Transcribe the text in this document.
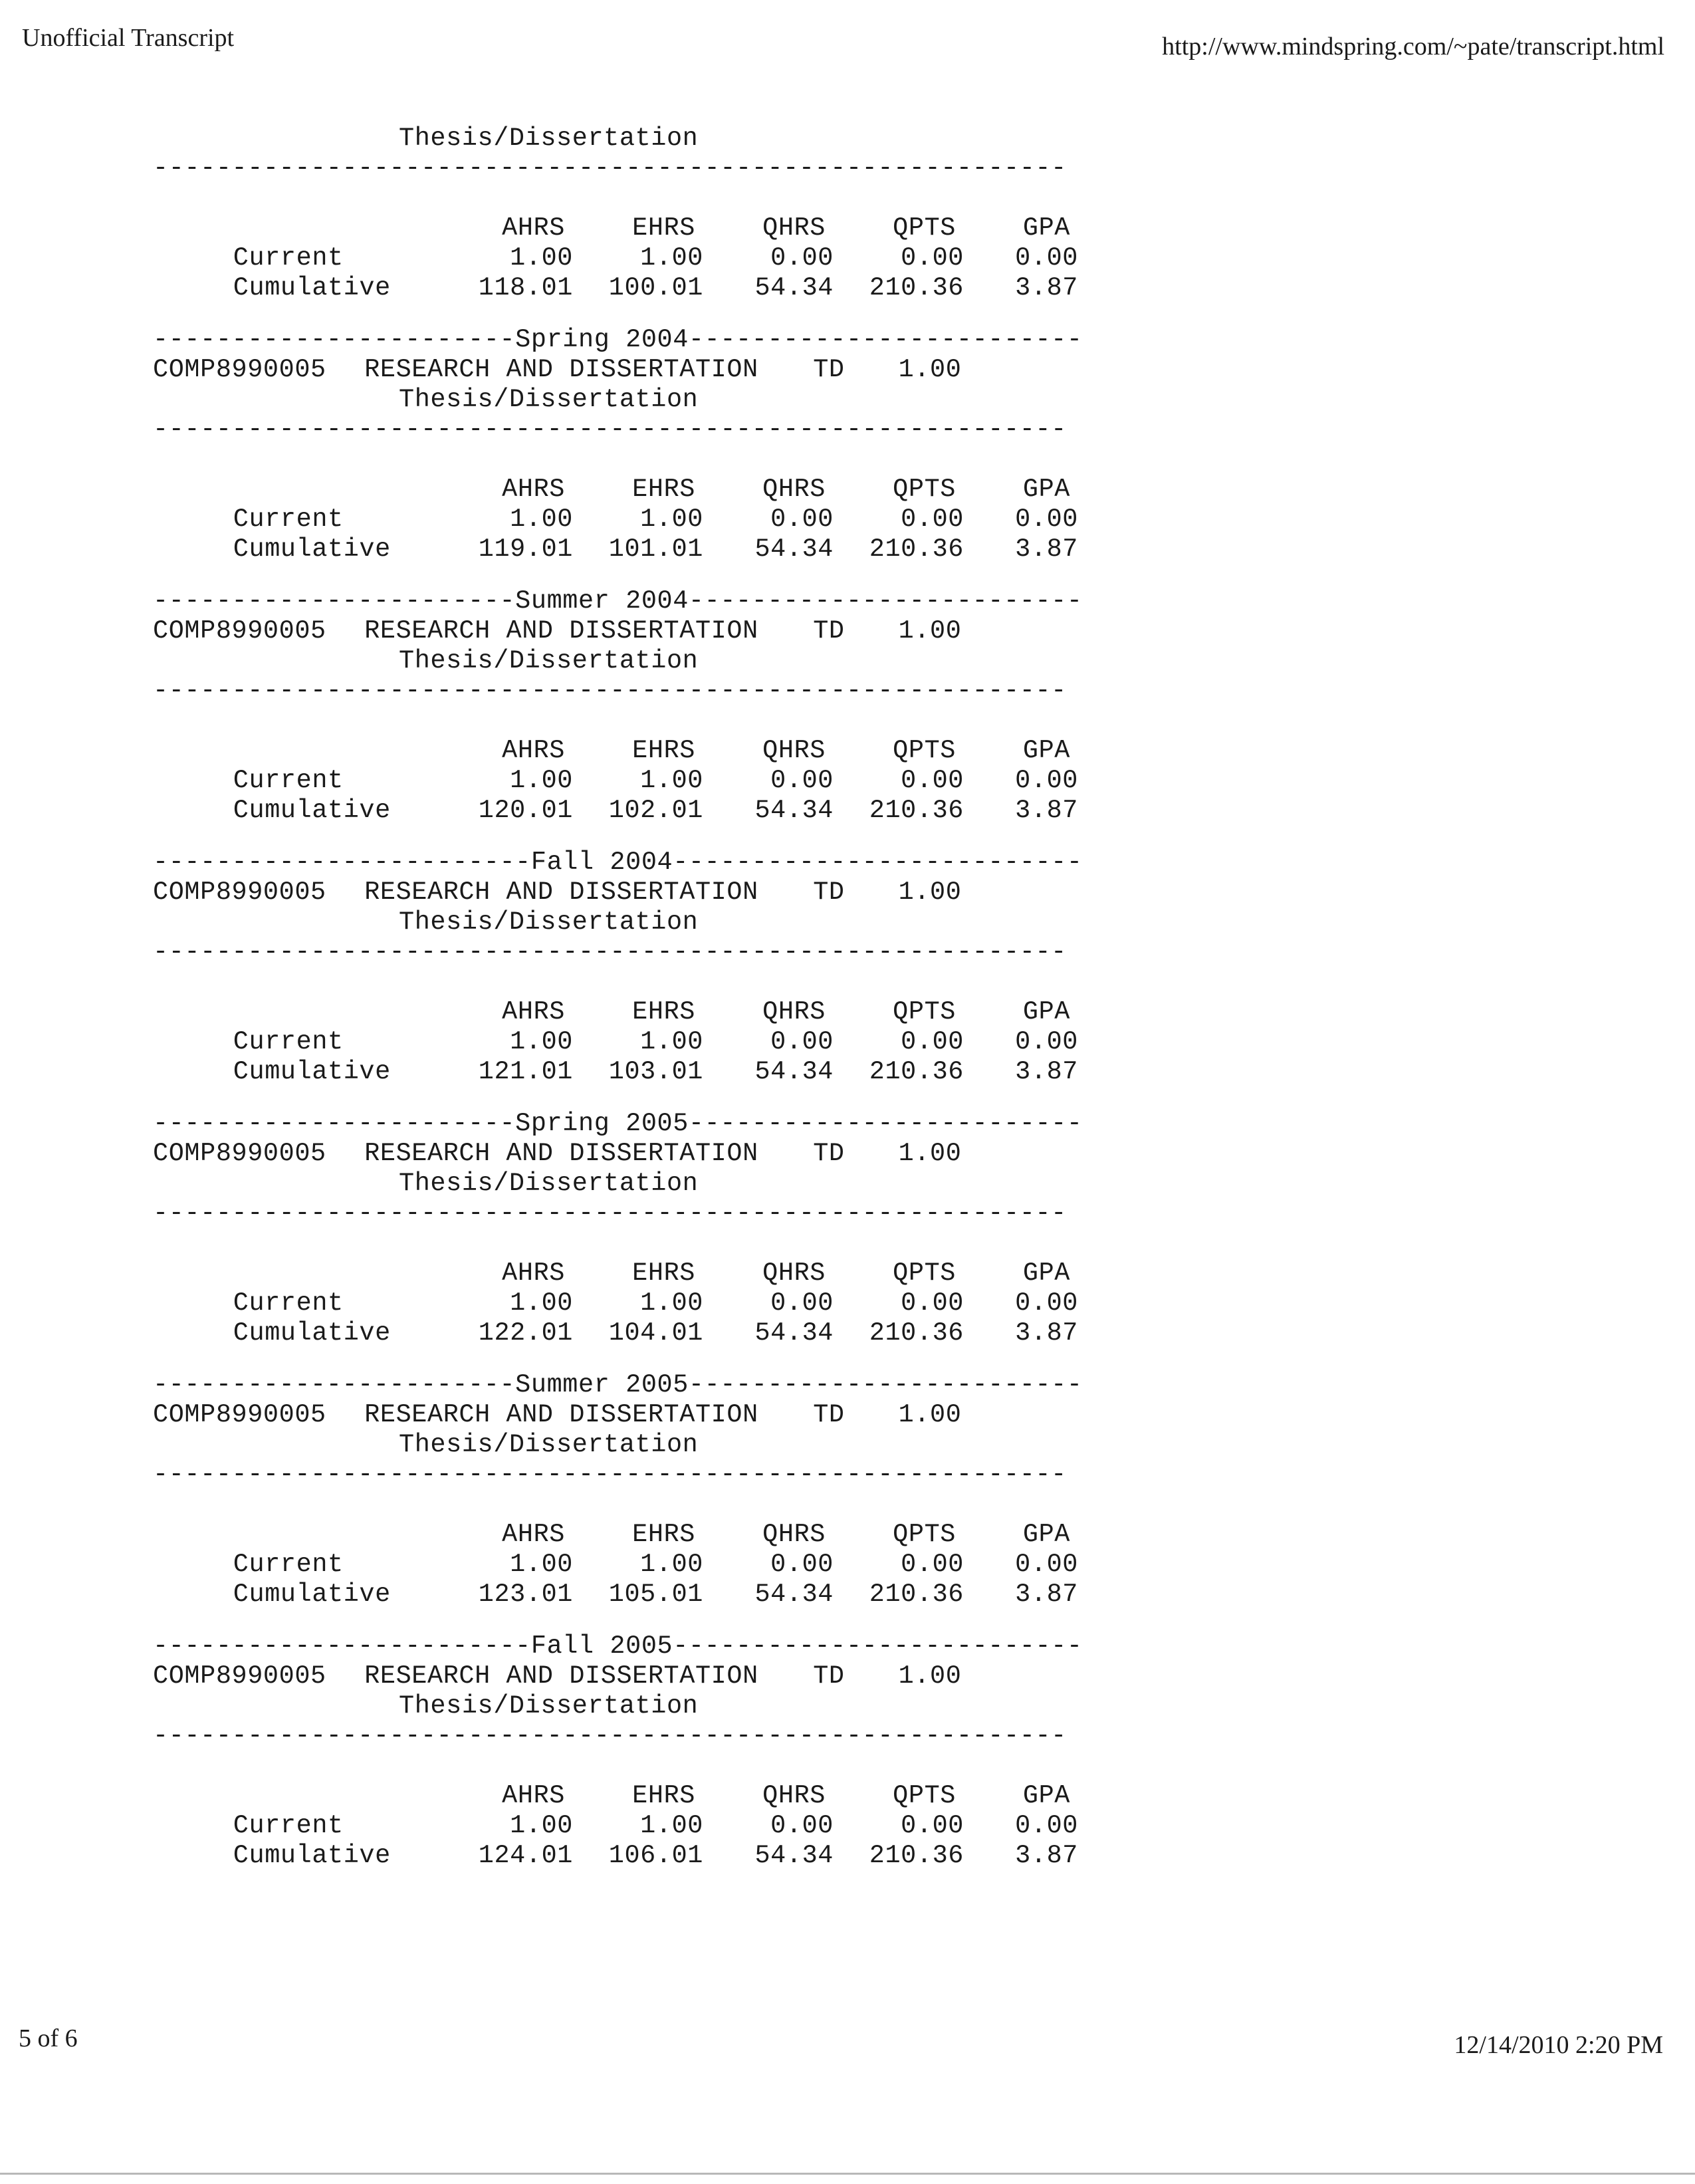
Unofficial Transcript	http://www.mindspring.com/~pate/transcript.html
Thesis/Dissertation
----------------------------------------------------------
AHRS	EHRS	QHRS	QPTS	GPA
Current	1.00	1.00	0.00	0.00 0.00
Cumulative	118.01 100.01 54.34 210.36 3.87
-----------------------Spring 2004-------------------------
COMP8990005 RESEARCH AND DISSERTATION TD 1.00
Thesis/Dissertation
----------------------------------------------------------
AHRS	EHRS	QHRS	QPTS	GPA
Current	1.00	1.00	0.00	0.00 0.00
Cumulative	119.01 101.01 54.34 210.36 3.87
-----------------------Summer 2004-------------------------
COMP8990005 RESEARCH AND DISSERTATION TD 1.00
Thesis/Dissertation
----------------------------------------------------------
AHRS	EHRS	QHRS	QPTS	GPA
Current	1.00	1.00	0.00	0.00 0.00
Cumulative	120.01 102.01 54.34 210.36 3.87
------------------------Fall 2004--------------------------
COMP8990005 RESEARCH AND DISSERTATION TD 1.00
Thesis/Dissertation
----------------------------------------------------------
AHRS	EHRS	QHRS	QPTS	GPA
Current	1.00	1.00	0.00	0.00 0.00
Cumulative	121.01 103.01 54.34 210.36 3.87
-----------------------Spring 2005-------------------------
COMP8990005 RESEARCH AND DISSERTATION TD 1.00
Thesis/Dissertation
----------------------------------------------------------
AHRS	EHRS	QHRS	QPTS	GPA
Current	1.00	1.00	0.00	0.00 0.00
Cumulative	122.01 104.01 54.34 210.36 3.87
-----------------------Summer 2005-------------------------
COMP8990005 RESEARCH AND DISSERTATION TD 1.00
Thesis/Dissertation
----------------------------------------------------------
AHRS	EHRS	QHRS	QPTS	GPA
Current	1.00	1.00	0.00	0.00 0.00
Cumulative	123.01 105.01 54.34 210.36 3.87
------------------------Fall 2005--------------------------
COMP8990005 RESEARCH AND DISSERTATION TD 1.00
Thesis/Dissertation
----------------------------------------------------------
AHRS	EHRS	QHRS	QPTS	GPA
Current	1.00	1.00	0.00	0.00 0.00
Cumulative	124.01 106.01 54.34 210.36 3.87
5 of 6	12/14/2010 2:20 PM
